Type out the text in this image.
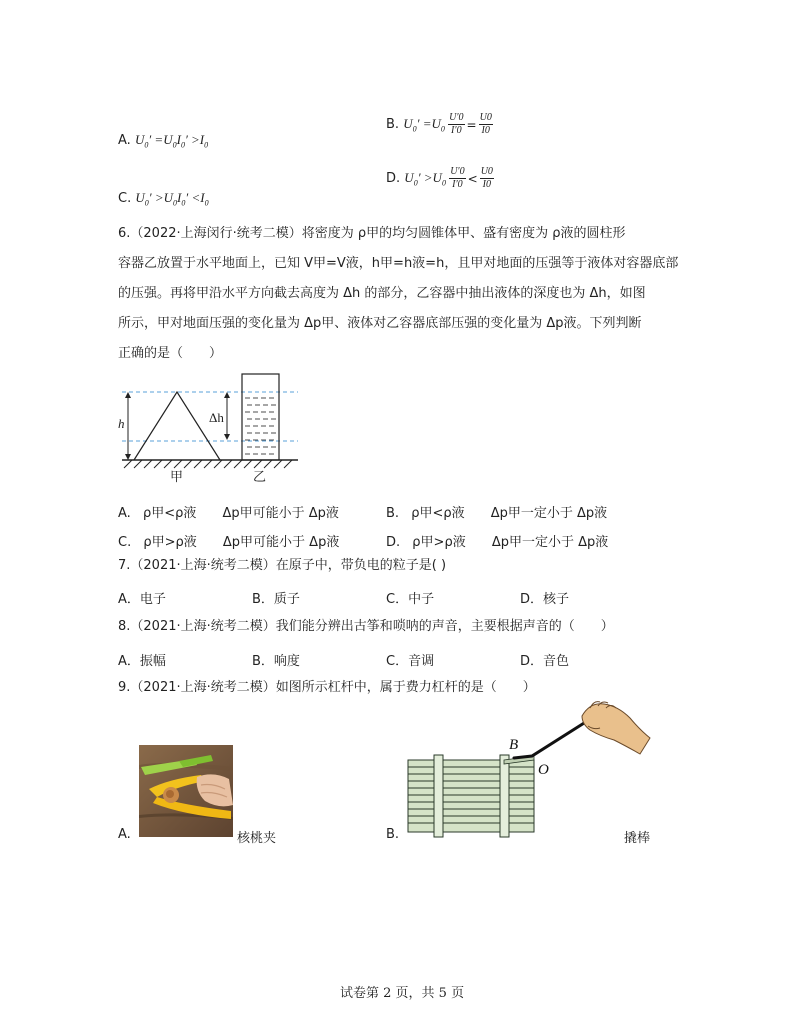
A. $U_0' =U_0I_0' >I_0$
B. $U_0' =U_0 \frac{U'0}{I'0} = \frac{U0}{I0}$
C. $U_0' >U_0I_0' <I_0$
D. $U_0' >U_0 \frac{U'0}{I'0} < \frac{U0}{I0}$
6.（2022·上海闵行·统考二模）将密度为 ρ甲的均匀圆锥体甲、盛有密度为 ρ液的圆柱形
容器乙放置于水平地面上，已知 V甲=V液，h甲=h液=h，且甲对地面的压强等于液体对容器底部
的压强。再将甲沿水平方向截去高度为 Δh 的部分，乙容器中抽出液体的深度也为 Δh，如图
所示，甲对地面压强的变化量为 Δp甲、液体对乙容器底部压强的变化量为 Δp液。下列判断
正确的是（　　）
h	Δh
甲	乙
A. ρ甲<ρ液 Δp甲可能小于 Δp液	B. ρ甲<ρ液 Δp甲一定小于 Δp液
C. ρ甲>ρ液 Δp甲可能小于 Δp液	D. ρ甲>ρ液 Δp甲一定小于 Δp液
7.（2021·上海·统考二模）在原子中，带负电的粒子是( )
A．电子	B．质子	C．中子	D．核子
8.（2021·上海·统考二模）我们能分辨出古筝和唢呐的声音，主要根据声音的（　　）
A．振幅	B．响度	C．音调	D．音色
9.（2021·上海·统考二模）如图所示杠杆中，属于费力杠杆的是（　　）
A.	核桃夹	B.
B
O
撬棒
试卷第 2 页，共 5 页
